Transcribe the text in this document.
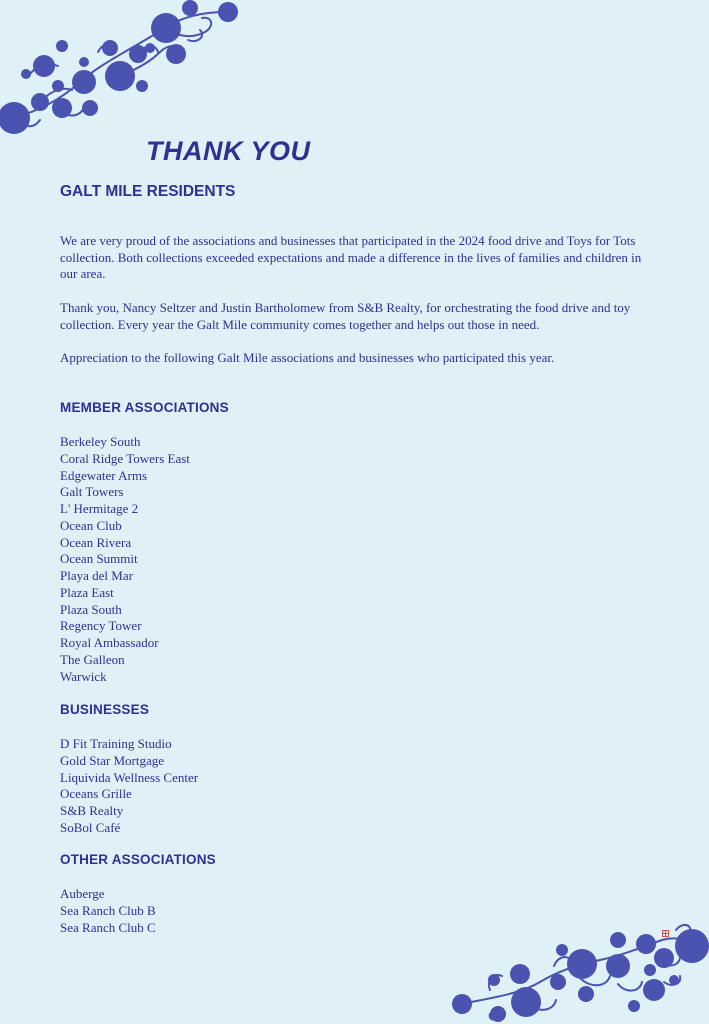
THANK YOU
GALT MILE RESIDENTS

We are very proud of the associations and businesses that participated in the 2024 food drive and Toys for Tots collection. Both collections exceeded expectations and made a difference in the lives of families and children in our area.

Thank you, Nancy Seltzer and Justin Bartholomew from S&B Realty, for orchestrating the food drive and toy collection. Every year the Galt Mile community comes together and helps out those in need.

Appreciation to the following Galt Mile associations and businesses who participated this year.

MEMBER ASSOCIATIONS
Berkeley South
Coral Ridge Towers East
Edgewater Arms
Galt Towers
L' Hermitage 2
Ocean Club
Ocean Rivera
Ocean Summit
Playa del Mar
Plaza East
Plaza South
Regency Tower
Royal Ambassador
The Galleon
Warwick
BUSINESSES
D Fit Training Studio
Gold Star Mortgage
Liquivida Wellness Center
Oceans Grille
S&B Realty
SoBol Café
OTHER ASSOCIATIONS
Auberge
Sea Ranch Club B
Sea Ranch Club C
